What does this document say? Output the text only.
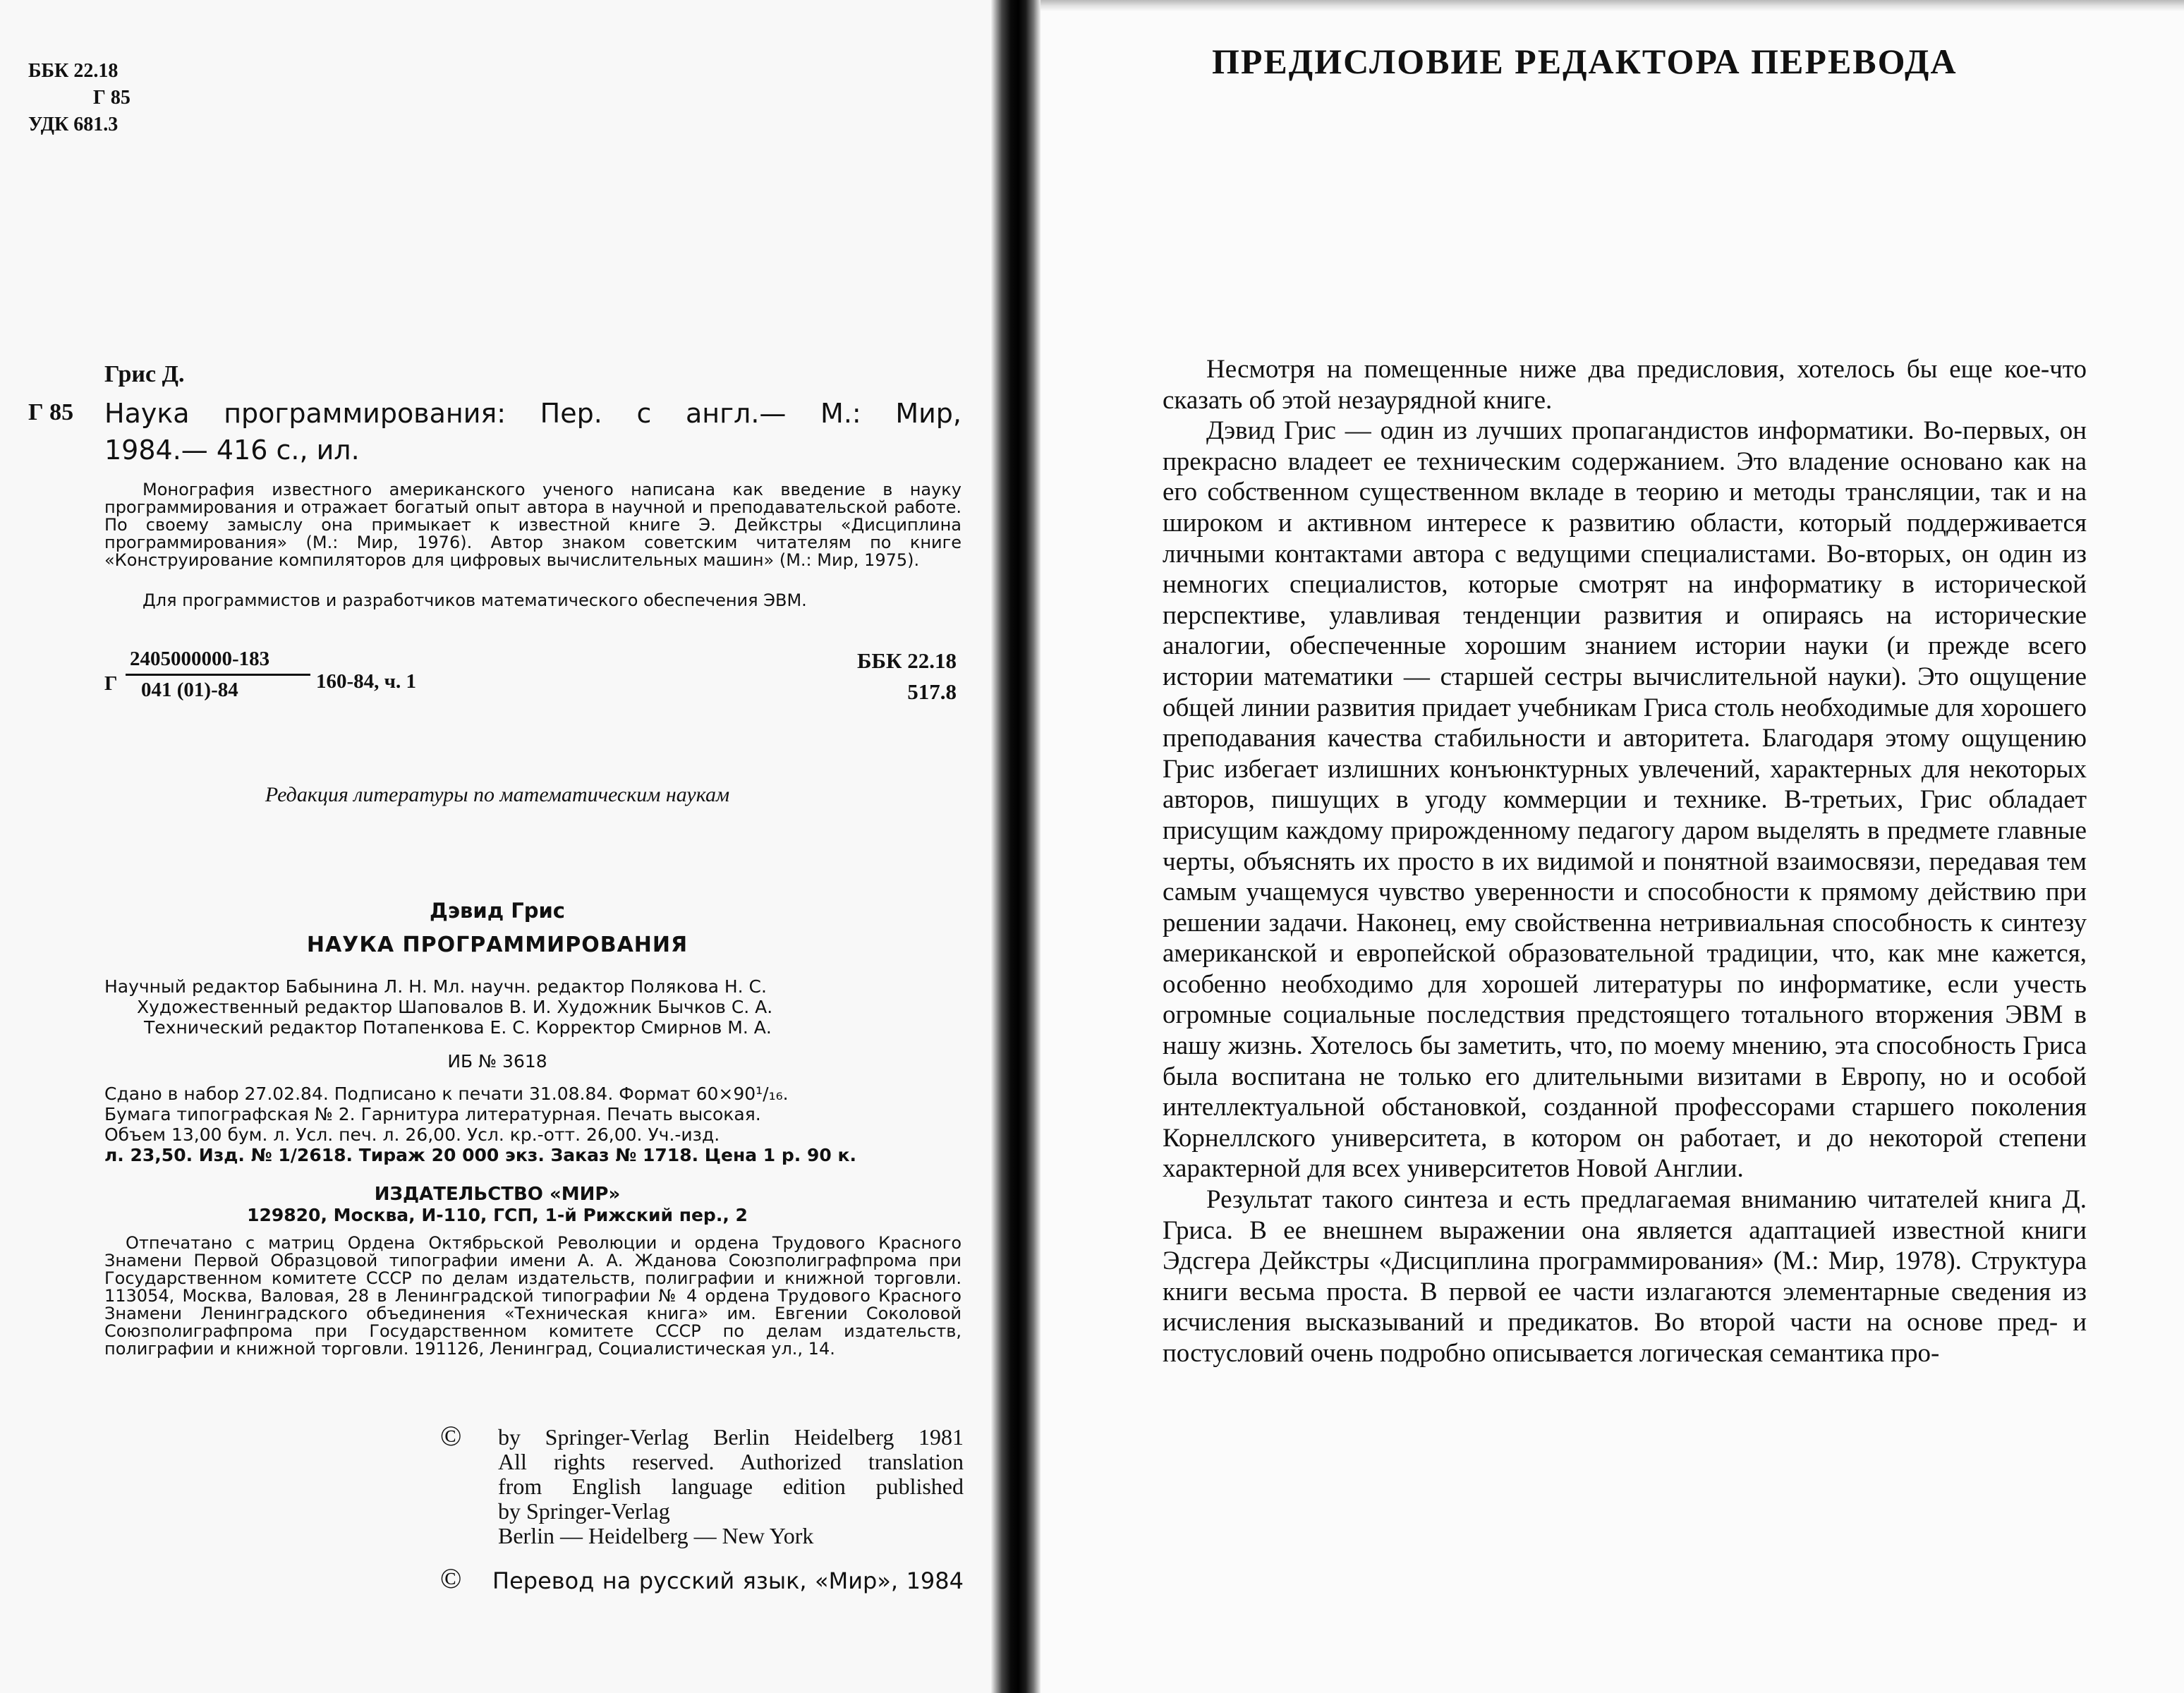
ББК 22.18
Г 85
УДК 681.3
Грис Д.
Г 85 Наука программирования: Пер. с англ.— М.: Мир,
1984.— 416 с., ил.
Монография известного американского ученого написана как введение в науку программирования и отражает богатый опыт автора в научной и преподавательской работе. По своему замыслу она примыкает к известной книге Э. Дейкстры «Дисциплина программирования» (М.: Мир, 1976). Автор знаком советским читателям по книге «Конструирование компиляторов для цифровых вычислительных машин» (М.: Мир, 1975).
Для программистов и разработчиков математического обеспечения ЭВМ.
Г
2405000000-183
041 (01)-84	160-84, ч. 1
ББК 22.18
517.8
Редакция литературы по математическим наукам
Дэвид Грис
НАУКА ПРОГРАММИРОВАНИЯ
Научный редактор Бабынина Л. Н. Мл. научн. редактор Полякова Н. С.
Художественный редактор Шаповалов В. И. Художник Бычков С. А.
Технический редактор Потапенкова Е. С. Корректор Смирнов М. А.
ИБ № 3618
Сдано в набор 27.02.84. Подписано к печати 31.08.84. Формат 60×90¹/₁₆.
Бумага типографская № 2. Гарнитура литературная. Печать высокая.
Объем 13,00 бум. л. Усл. печ. л. 26,00. Усл. кр.-отт. 26,00. Уч.-изд.
л. 23,50. Изд. № 1/2618. Тираж 20 000 экз. Заказ № 1718. Цена 1 р. 90 к.
ИЗДАТЕЛЬСТВО «МИР»
129820, Москва, И-110, ГСП, 1-й Рижский пер., 2
Отпечатано с матриц Ордена Октябрьской Революции и ордена Трудового Красного Знамени Первой Образцовой типографии имени А. А. Жданова Союзполиграфпрома при Государственном комитете СССР по делам издательств, полиграфии и книжной торговли. 113054, Москва, Валовая, 28 в Ленинградской типографии № 4 ордена Трудового Красного Знамени Ленинградского объединения «Техническая книга» им. Евгении Соколовой Союзполиграфпрома при Государственном комитете СССР по делам издательств, полиграфии и книжной торговли. 191126, Ленинград, Социалистическая ул., 14.
© by Springer-Verlag Berlin Heidelberg 1981
All rights reserved. Authorized translation
from English language edition published
by Springer-Verlag
Berlin — Heidelberg — New York
© Перевод на русский язык, «Мир», 1984
ПРЕДИСЛОВИЕ РЕДАКТОРА ПЕРЕВОДА

Несмотря на помещенные ниже два предисловия, хотелось бы еще кое-что сказать об этой незаурядной книге.

Дэвид Грис — один из лучших пропагандистов информатики. Во-первых, он прекрасно владеет ее техническим содержанием. Это владение основано как на его собственном существенном вкладе в теорию и методы трансляции, так и на широком и активном интересе к развитию области, который поддерживается личными контактами автора с ведущими специалистами. Во-вторых, он один из немногих специалистов, которые смотрят на информатику в исторической перспективе, улавливая тенденции развития и опираясь на исторические аналогии, обеспеченные хорошим знанием истории науки (и прежде всего истории математики — старшей сестры вычислительной науки). Это ощущение общей линии развития придает учебникам Гриса столь необходимые для хорошего преподавания качества стабильности и авторитета. Благодаря этому ощущению Грис избегает излишних конъюнктурных увлечений, характерных для некоторых авторов, пишущих в угоду коммерции и технике. В-третьих, Грис обладает присущим каждому прирожденному педагогу даром выделять в предмете главные черты, объяснять их просто в их видимой и понятной взаимосвязи, передавая тем самым учащемуся чувство уверенности и способности к прямому действию при решении задачи. Наконец, ему свойственна нетривиальная способность к синтезу американской и европейской образовательной традиции, что, как мне кажется, особенно необходимо для хорошей литературы по информатике, если учесть огромные социальные последствия предстоящего тотального вторжения ЭВМ в нашу жизнь. Хотелось бы заметить, что, по моему мнению, эта способность Гриса была воспитана не только его длительными визитами в Европу, но и особой интеллектуальной обстановкой, созданной профессорами старшего поколения Корнеллского университета, в котором он работает, и до некоторой степени характерной для всех университетов Новой Англии.

Результат такого синтеза и есть предлагаемая вниманию читателей книга Д. Гриса. В ее внешнем выражении она является адаптацией известной книги Эдсгера Дейкстры «Дисциплина программирования» (М.: Мир, 1978). Структура книги весьма проста. В первой ее части излагаются элементарные сведения из исчисления высказываний и предикатов. Во второй части на основе пред- и постусловий очень подробно описывается логическая семантика про-
